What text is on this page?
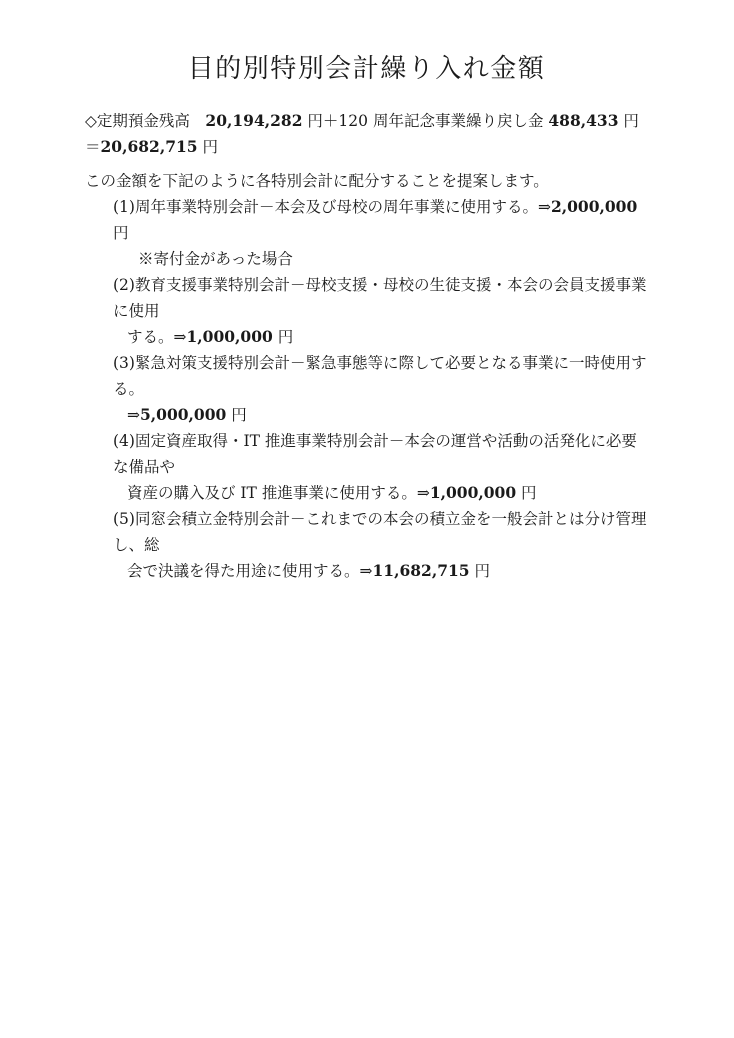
目的別特別会計繰り入れ金額

◇定期預金残高　20,194,282 円＋120 周年記念事業繰り戻し金 488,433 円＝20,682,715 円

この金額を下記のように各特別会計に配分することを提案します。

(1)周年事業特別会計－本会及び母校の周年事業に使用する。⇒2,000,000 円

※寄付金があった場合

(2)教育支援事業特別会計－母校支援・母校の生徒支援・本会の会員支援事業に使用

する。⇒1,000,000 円

(3)緊急対策支援特別会計－緊急事態等に際して必要となる事業に一時使用する。

⇒5,000,000 円

(4)固定資産取得・IT 推進事業特別会計－本会の運営や活動の活発化に必要な備品や

資産の購入及び IT 推進事業に使用する。⇒1,000,000 円

(5)同窓会積立金特別会計－これまでの本会の積立金を一般会計とは分け管理し、総

会で決議を得た用途に使用する。⇒11,682,715 円
